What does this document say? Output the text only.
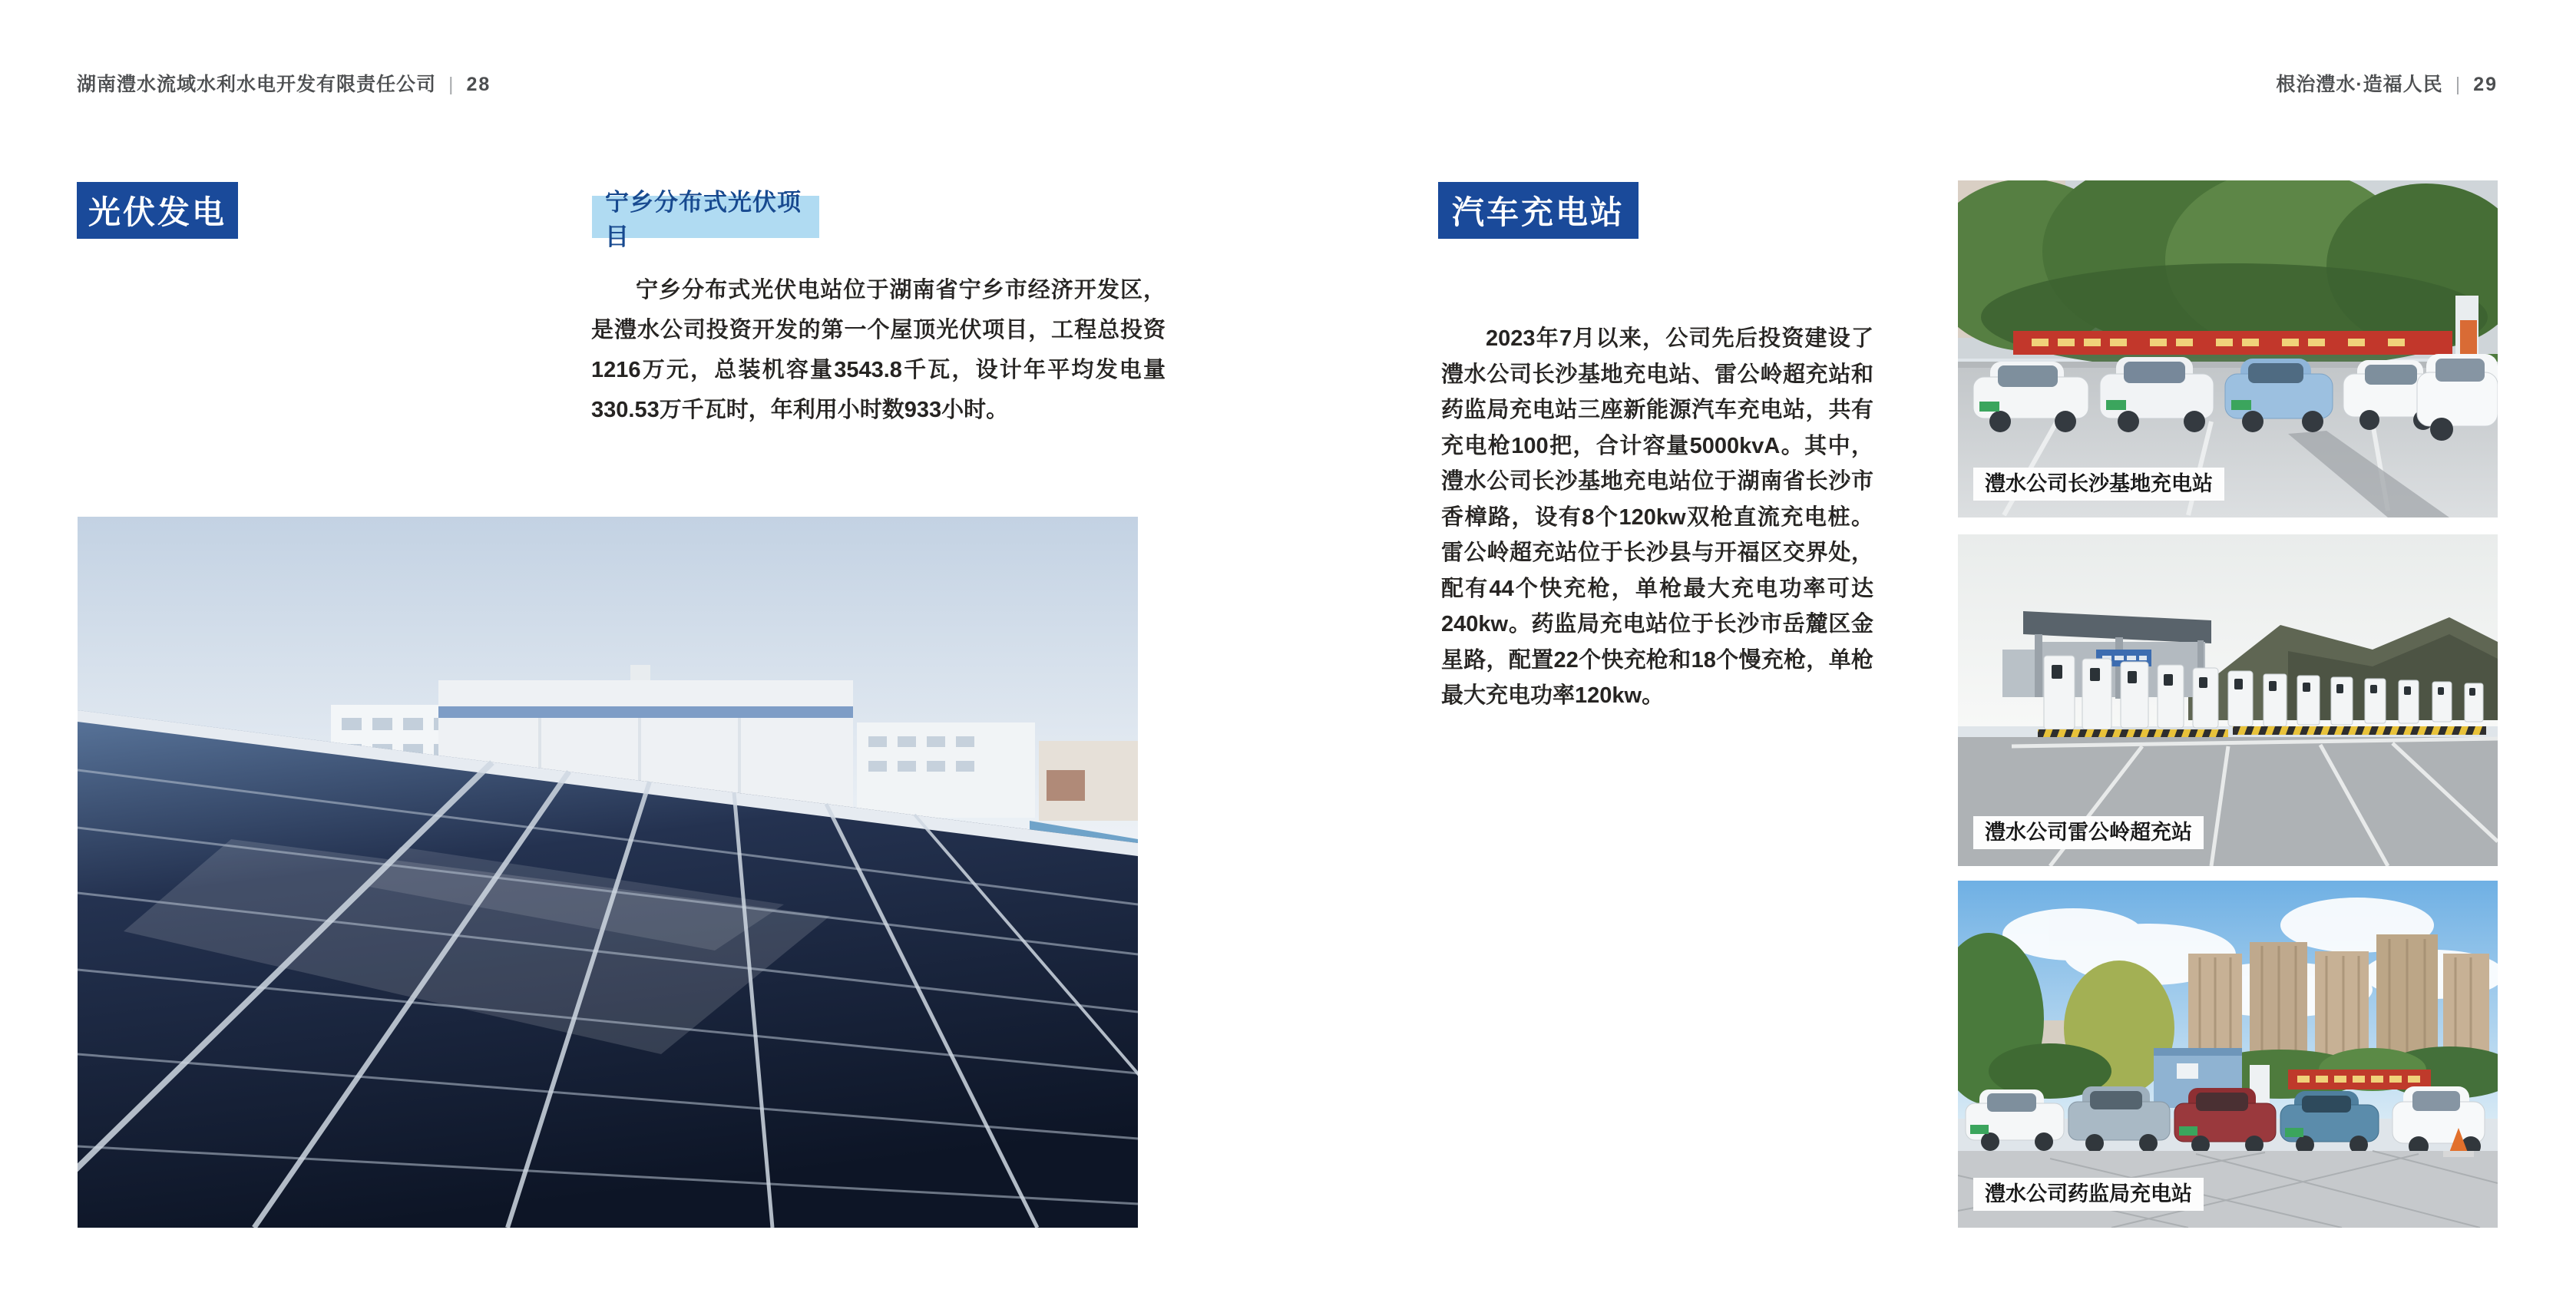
湖南澧水流域水利水电开发有限责任公司 | 28	根治澧水·造福人民 | 29
光伏发电	宁乡分布式光伏项目
宁乡分布式光伏电站位于湖南省宁乡市经济开发区，是澧水公司投资开发的第一个屋顶光伏项目，工程总投资1216万元，总装机容量3543.8千瓦，设计年平均发电量330.53万千瓦时，年利用小时数933小时。
汽车充电站
2023年7月以来，公司先后投资建设了澧水公司长沙基地充电站、雷公岭超充站和药监局充电站三座新能源汽车充电站，共有充电枪100把，合计容量5000kvA。其中，澧水公司长沙基地充电站位于湖南省长沙市香樟路，设有8个120kw双枪直流充电桩。雷公岭超充站位于长沙县与开福区交界处，配有44个快充枪，单枪最大充电功率可达240kw。药监局充电站位于长沙市岳麓区金星路，配置22个快充枪和18个慢充枪，单枪最大充电功率120kw。
澧水公司长沙基地充电站
澧水公司雷公岭超充站
澧水公司药监局充电站
